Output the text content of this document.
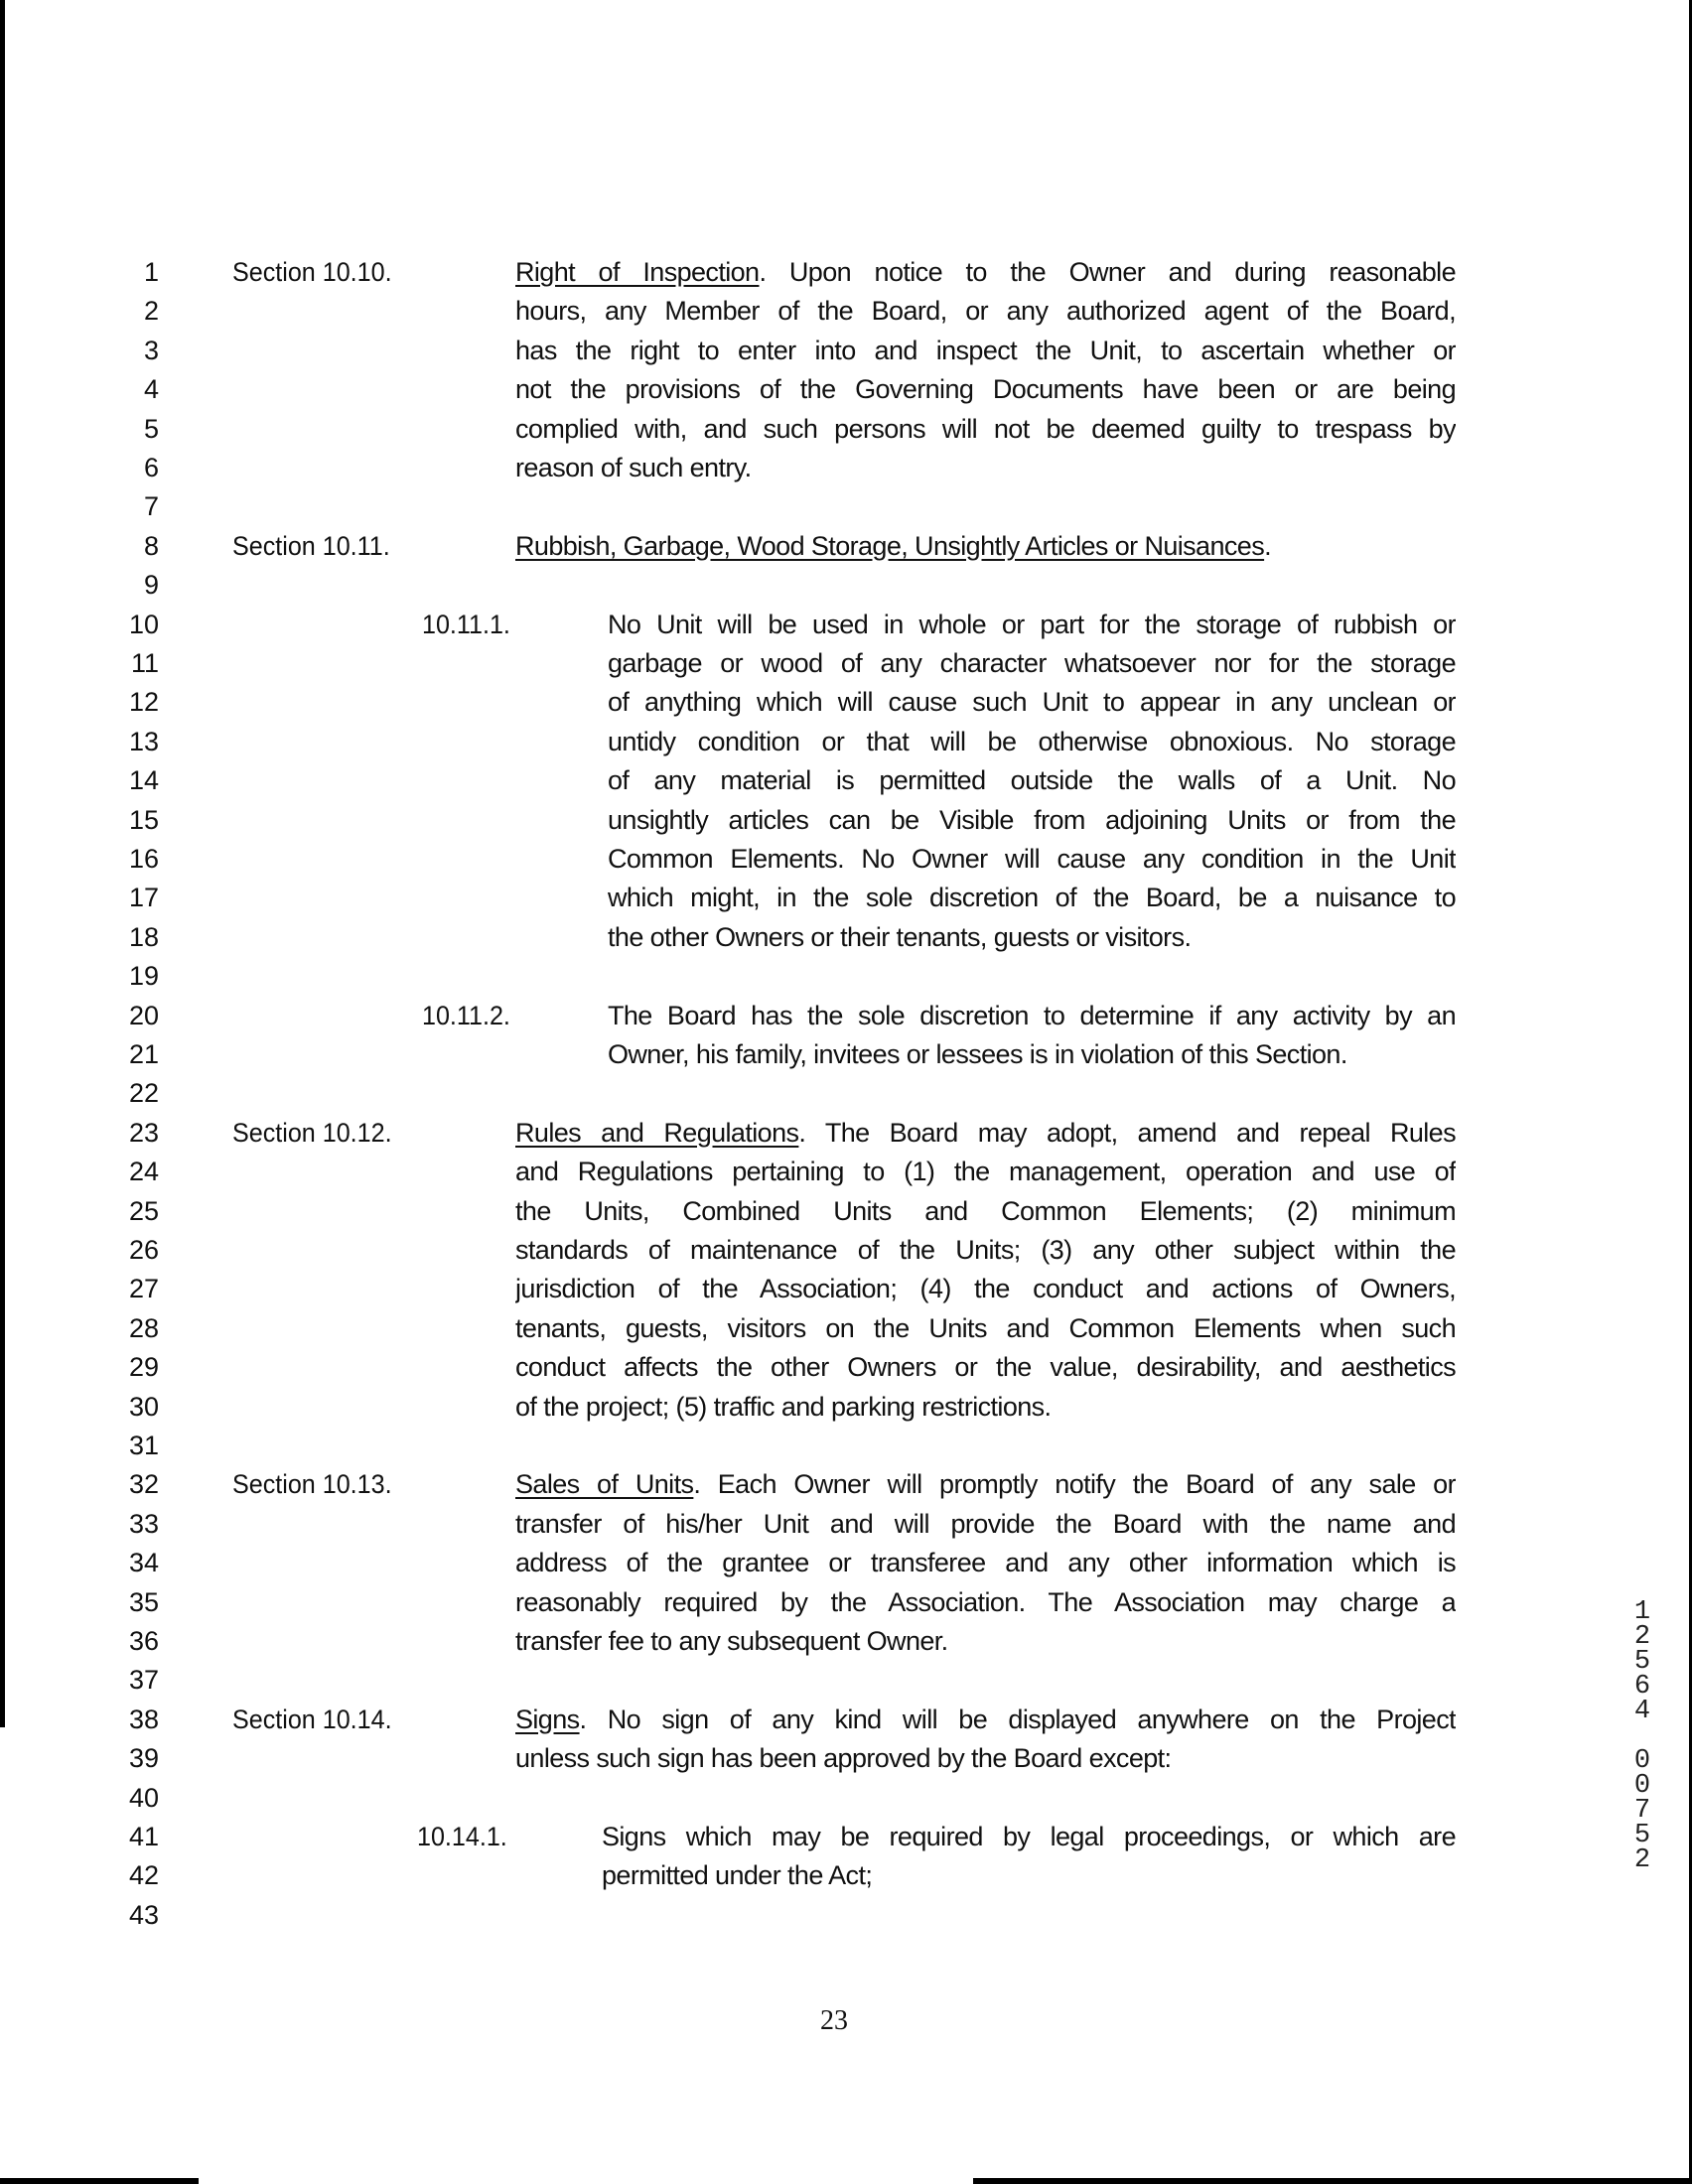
1
2
3
4
5
6
7
8
9
10
11
12
13
14
15
16
17
18
19
20
21
22
23
24
25
26
27
28
29
30
31
32
33
34
35
36
37
38
39
40
41
42
43
Section 10.10.	Right of Inspection. Upon notice to the Owner and during reasonable
hours, any Member of the Board, or any authorized agent of the Board,
has the right to enter into and inspect the Unit, to ascertain whether or
not the provisions of the Governing Documents have been or are being
complied with, and such persons will not be deemed guilty to trespass by
reason of such entry.
Section 10.11.	Rubbish, Garbage, Wood Storage, Unsightly Articles or Nuisances.
10.11.1.	No Unit will be used in whole or part for the storage of rubbish or
garbage or wood of any character whatsoever nor for the storage
of anything which will cause such Unit to appear in any unclean or
untidy condition or that will be otherwise obnoxious. No storage
of any material is permitted outside the walls of a Unit. No
unsightly articles can be Visible from adjoining Units or from the
Common Elements. No Owner will cause any condition in the Unit
which might, in the sole discretion of the Board, be a nuisance to
the other Owners or their tenants, guests or visitors.
10.11.2.	The Board has the sole discretion to determine if any activity by an
Owner, his family, invitees or lessees is in violation of this Section.
Section 10.12.	Rules and Regulations. The Board may adopt, amend and repeal Rules
and Regulations pertaining to (1) the management, operation and use of
the Units, Combined Units and Common Elements; (2) minimum
standards of maintenance of the Units; (3) any other subject within the
jurisdiction of the Association; (4) the conduct and actions of Owners,
tenants, guests, visitors on the Units and Common Elements when such
conduct affects the other Owners or the value, desirability, and aesthetics
of the project; (5) traffic and parking restrictions.
Section 10.13.	Sales of Units. Each Owner will promptly notify the Board of any sale or
transfer of his/her Unit and will provide the Board with the name and
address of the grantee or transferee and any other information which is
reasonably required by the Association. The Association may charge a
transfer fee to any subsequent Owner.
Section 10.14.	Signs. No sign of any kind will be displayed anywhere on the Project
unless such sign has been approved by the Board except:
10.14.1.	Signs which may be required by legal proceedings, or which are
permitted under the Act;
23
1
2
5
6
4
0
0
7
5
2
